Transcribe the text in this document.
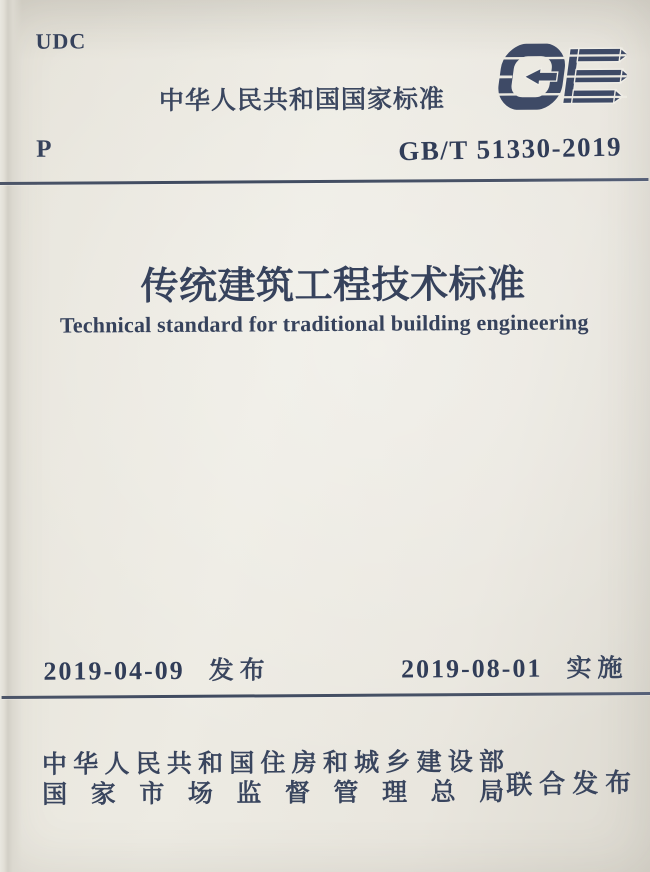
UDC
中华人民共和国国家标准
P	GB/T 51330-2019
传统建筑工程技术标准
Technical standard for traditional building engineering
2019-04-09 发布	2019-08-01 实施
中华人民共和国住房和城乡建设部
国家市场监督管理总局 联合发布
